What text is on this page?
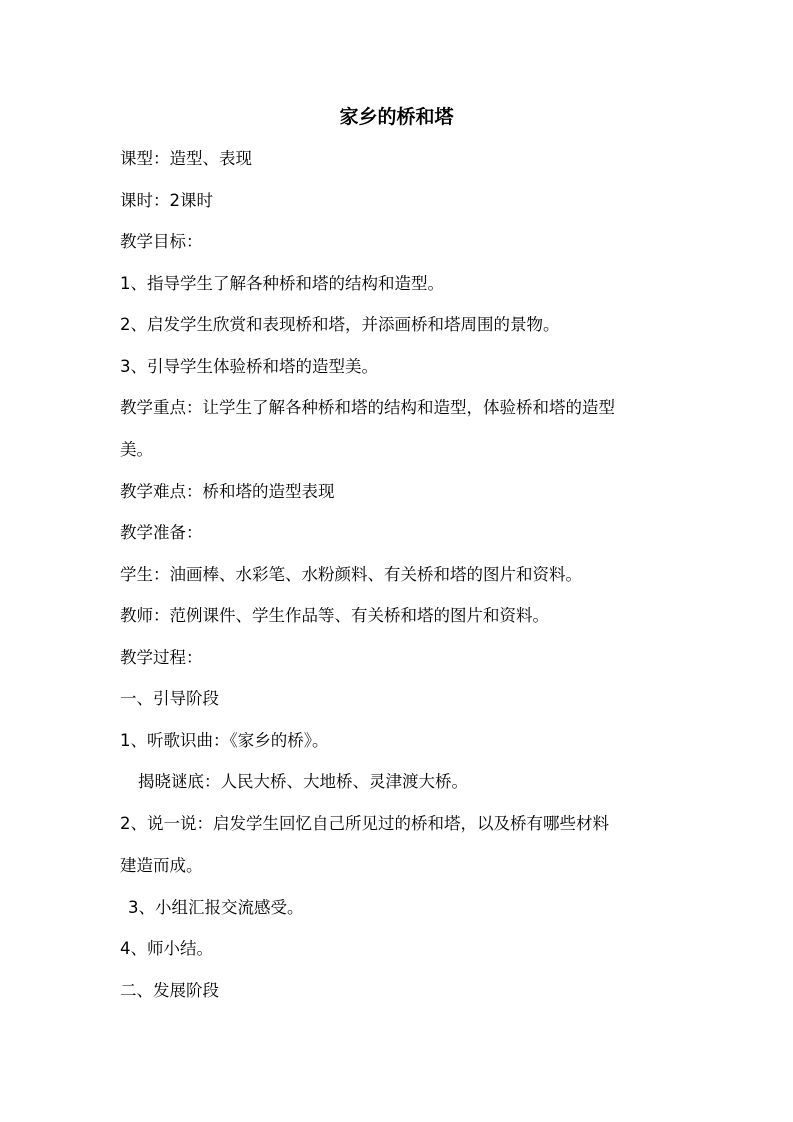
家乡的桥和塔
课型：造型、表现
课时：2课时
教学目标：
1、指导学生了解各种桥和塔的结构和造型。
2、启发学生欣赏和表现桥和塔，并添画桥和塔周围的景物。
3、引导学生体验桥和塔的造型美。
教学重点：让学生了解各种桥和塔的结构和造型，体验桥和塔的造型
美。
教学难点：桥和塔的造型表现
教学准备：
学生：油画棒、水彩笔、水粉颜料、有关桥和塔的图片和资料。
教师：范例课件、学生作品等、有关桥和塔的图片和资料。
教学过程：
一、引导阶段
1、听歌识曲：《家乡的桥》。
揭晓谜底：人民大桥、大地桥、灵津渡大桥。
2、说一说：启发学生回忆自己所见过的桥和塔，以及桥有哪些材料
建造而成。
3、小组汇报交流感受。
4、师小结。
二、发展阶段
